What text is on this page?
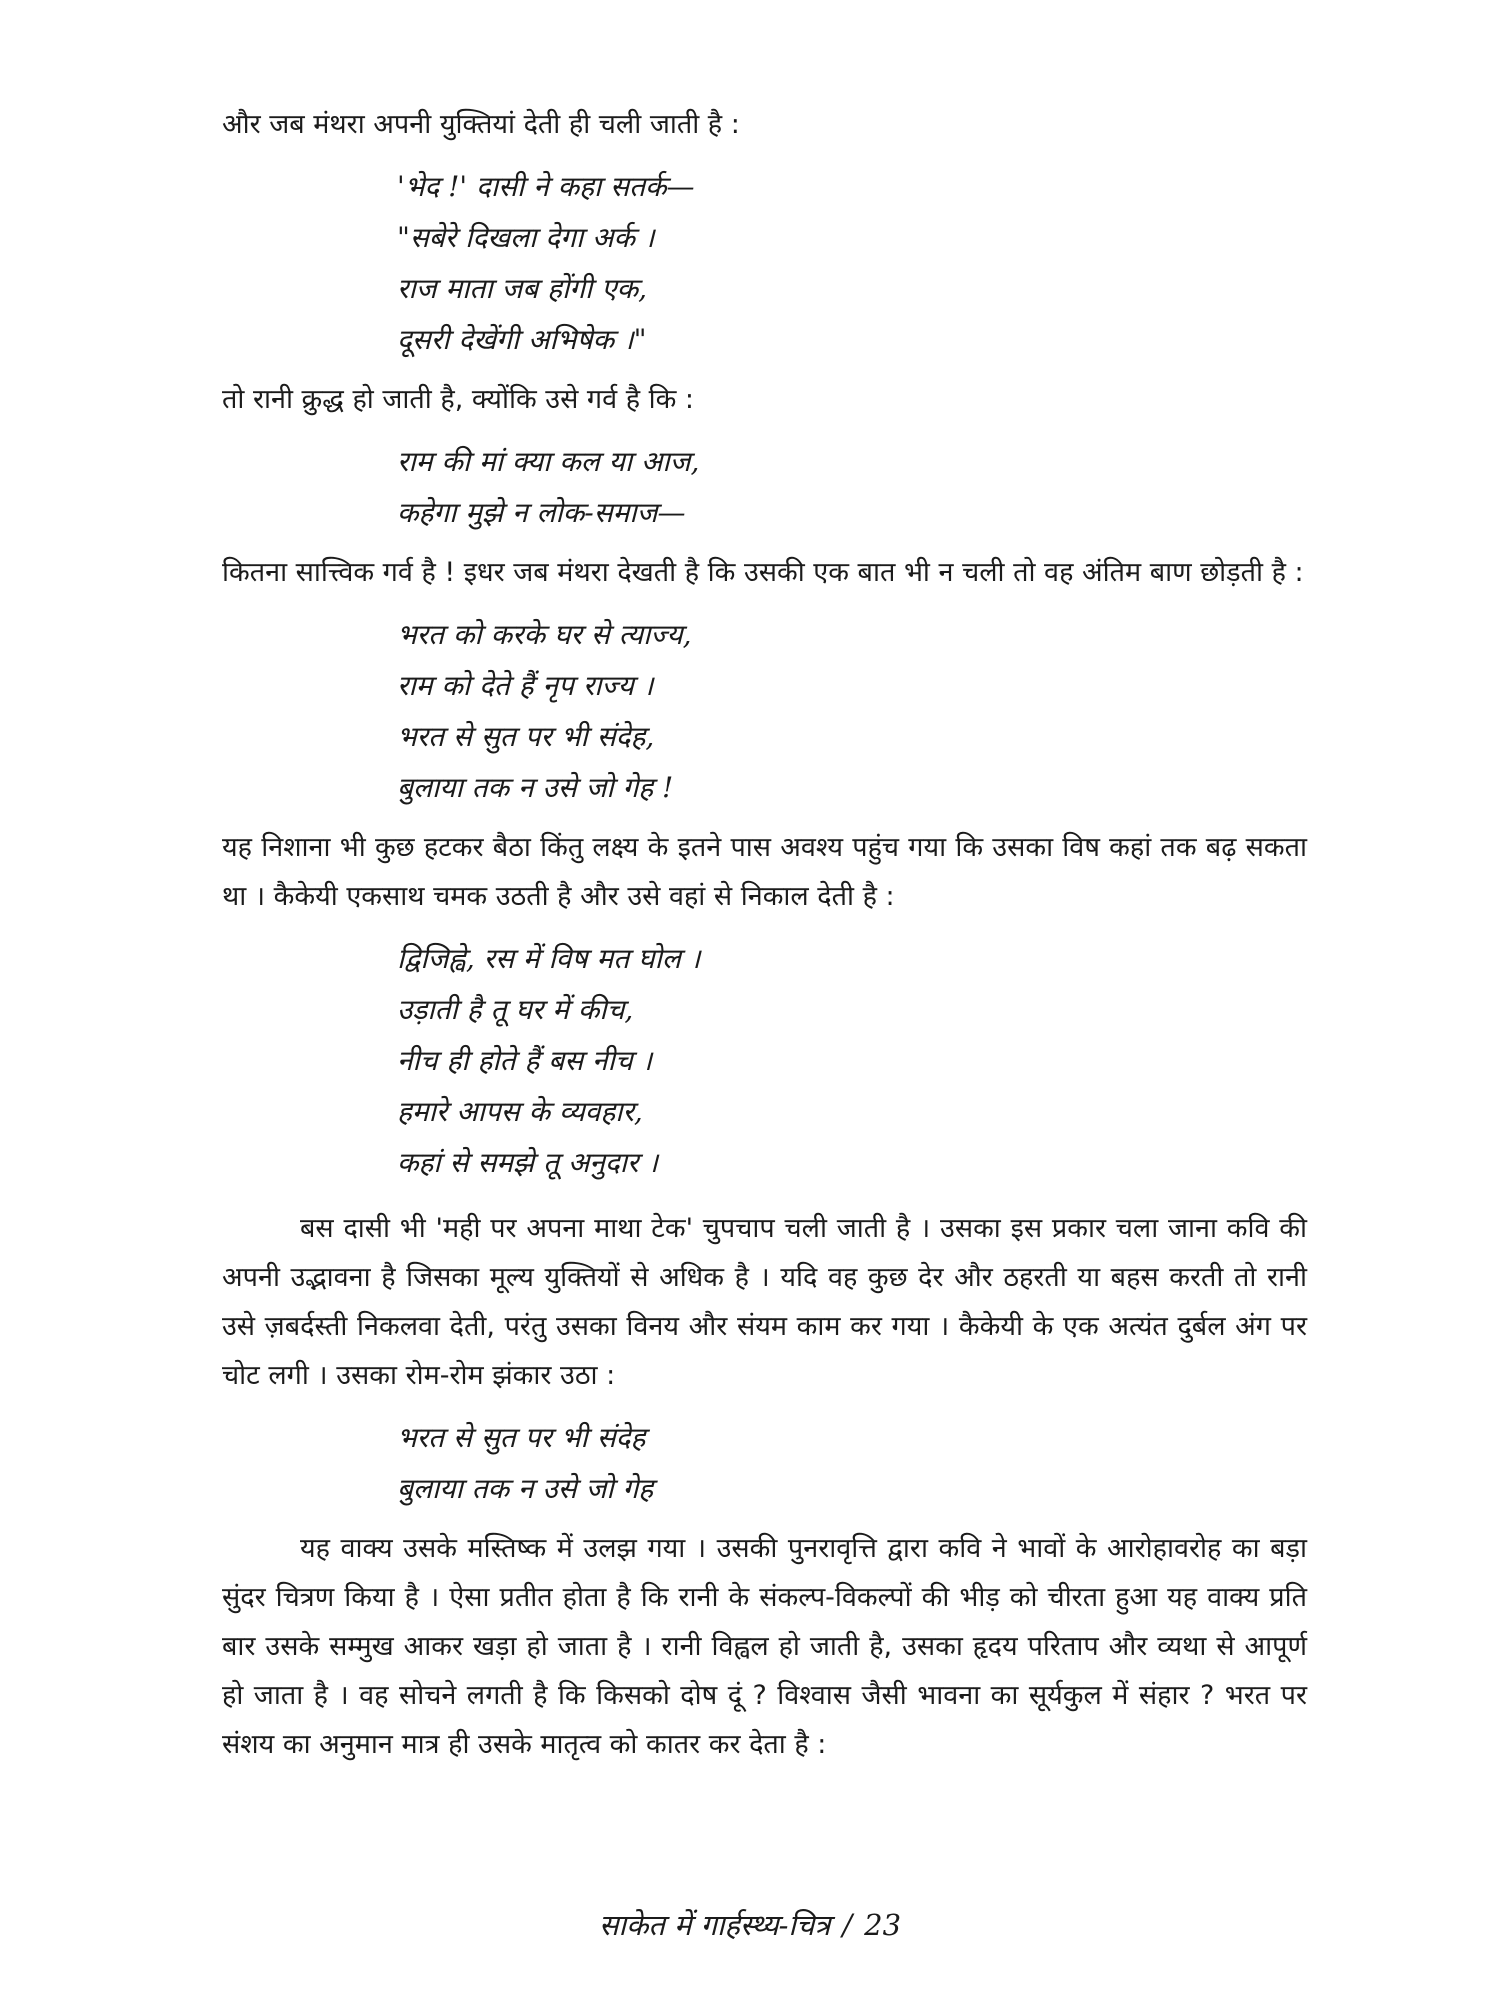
और जब मंथरा अपनी युक्तियां देती ही चली जाती है :

'भेद !' दासी ने कहा सतर्क—
"सबेरे दिखला देगा अर्क ।
राज माता जब होंगी एक,
दूसरी देखेंगी अभिषेक ।"

तो रानी क्रुद्ध हो जाती है, क्योंकि उसे गर्व है कि :

राम की मां क्या कल या आज,
कहेगा मुझे न लोक-समाज—

कितना सात्त्विक गर्व है ! इधर जब मंथरा देखती है कि उसकी एक बात भी न चली तो वह अंतिम बाण छोड़ती है :

भरत को करके घर से त्याज्य,
राम को देते हैं नृप राज्य ।
भरत से सुत पर भी संदेह,
बुलाया तक न उसे जो गेह !

यह निशाना भी कुछ हटकर बैठा किंतु लक्ष्य के इतने पास अवश्य पहुंच गया कि उसका विष कहां तक बढ़ सकता था । कैकेयी एकसाथ चमक उठती है और उसे वहां से निकाल देती है :

द्विजिह्वे, रस में विष मत घोल ।
उड़ाती है तू घर में कीच,
नीच ही होते हैं बस नीच ।
हमारे आपस के व्यवहार,
कहां से समझे तू अनुदार ।

बस दासी भी 'मही पर अपना माथा टेक' चुपचाप चली जाती है । उसका इस प्रकार चला जाना कवि की अपनी उद्भावना है जिसका मूल्य युक्तियों से अधिक है । यदि वह कुछ देर और ठहरती या बहस करती तो रानी उसे ज़बर्दस्ती निकलवा देती, परंतु उसका विनय और संयम काम कर गया । कैकेयी के एक अत्यंत दुर्बल अंग पर चोट लगी । उसका रोम-रोम झंकार उठा :

भरत से सुत पर भी संदेह
बुलाया तक न उसे जो गेह

यह वाक्य उसके मस्तिष्क में उलझ गया । उसकी पुनरावृत्ति द्वारा कवि ने भावों के आरोहावरोह का बड़ा सुंदर चित्रण किया है । ऐसा प्रतीत होता है कि रानी के संकल्प-विकल्पों की भीड़ को चीरता हुआ यह वाक्य प्रति बार उसके सम्मुख आकर खड़ा हो जाता है । रानी विह्वल हो जाती है, उसका हृदय परिताप और व्यथा से आपूर्ण हो जाता है । वह सोचने लगती है कि किसको दोष दूं ? विश्वास जैसी भावना का सूर्यकुल में संहार ? भरत पर संशय का अनुमान मात्र ही उसके मातृत्व को कातर कर देता है :

साकेत में गार्हस्थ्य-चित्र / 23
